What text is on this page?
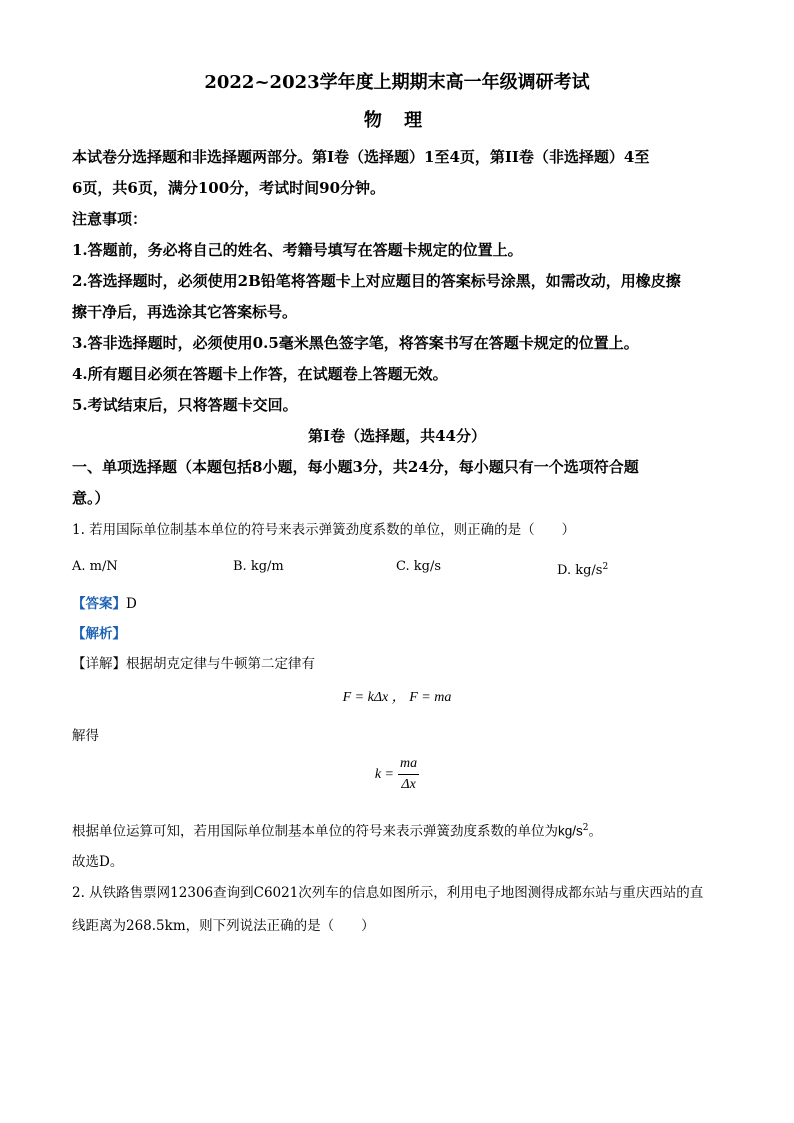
2022~2023学年度上期期末高一年级调研考试
物 理

本试卷分选择题和非选择题两部分。第I卷（选择题）1至4页，第II卷（非选择题）4至

6页，共6页，满分100分，考试时间90分钟。

注意事项：

1.答题前，务必将自己的姓名、考籍号填写在答题卡规定的位置上。

2.答选择题时，必须使用2B铅笔将答题卡上对应题目的答案标号涂黑，如需改动，用橡皮擦

擦干净后，再选涂其它答案标号。

3.答非选择题时，必须使用0.5毫米黑色签字笔，将答案书写在答题卡规定的位置上。

4.所有题目必须在答题卡上作答，在试题卷上答题无效。

5.考试结束后，只将答题卡交回。

第I卷（选择题，共44分）

一、单项选择题（本题包括8小题，每小题3分，共24分，每小题只有一个选项符合题

意。）

1. 若用国际单位制基本单位的符号来表示弹簧劲度系数的单位，则正确的是（　　）

A. m/N	B. kg/m	C. kg/s	D. $kg/s^2$

【答案】D

【解析】

【详解】根据胡克定律与牛顿第二定律有

F = kΔx ， F = ma

解得

$k = \frac{ma}{\Delta x}$

根据单位运算可知，若用国际单位制基本单位的符号来表示弹簧劲度系数的单位为$kg/s^2$。

故选D。

2. 从铁路售票网12306查询到C6021次列车的信息如图所示，利用电子地图测得成都东站与重庆西站的直

线距离为268.5km，则下列说法正确的是（　　）
